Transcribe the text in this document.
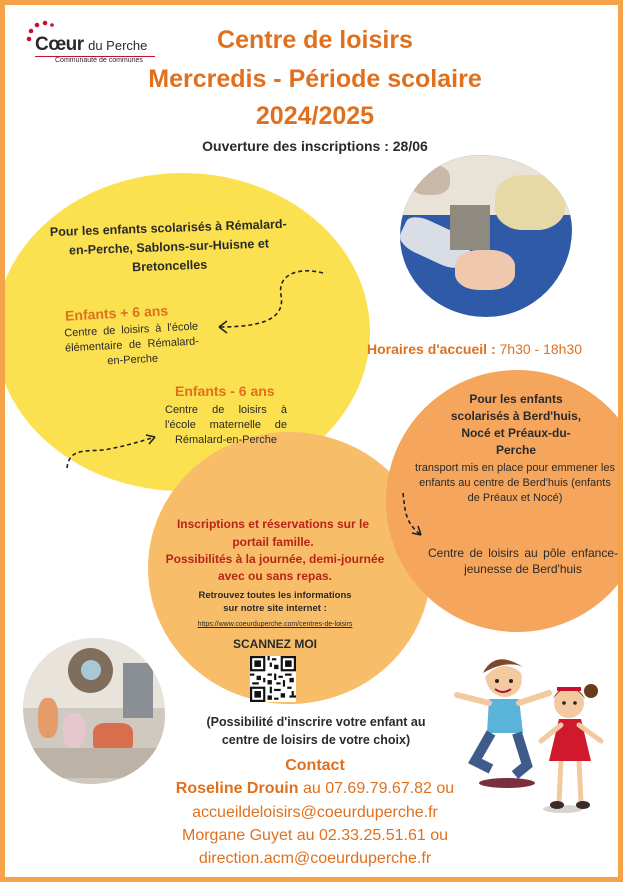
Cœur du Perche
Communauté de communes
Centre de loisirs
Mercredis - Période scolaire
2024/2025
Ouverture des inscriptions : 28/06
Pour les enfants scolarisés à Rémalard-en-Perche, Sablons-sur-Huisne et Bretoncelles
Enfants + 6 ans
Centre de loisirs à l'école élémentaire de Rémalard-en-Perche
Enfants - 6 ans
Centre de loisirs à l'école maternelle de Rémalard-en-Perche
Horaires d'accueil : 7h30 - 18h30
Pour les enfants scolarisés à Berd'huis, Nocé et Préaux-du-Perche
transport mis en place pour emmener les enfants au centre de Berd'huis (enfants de Préaux et Nocé)
Centre de loisirs au pôle enfance-jeunesse de Berd'huis
Inscriptions et réservations sur le portail famille.
Possibilités à la journée, demi-journée avec ou sans repas.
Retrouvez toutes les informations sur notre site internet :
https://www.coeurduperche.com/centres-de-loisirs
SCANNEZ MOI
(Possibilité d'inscrire votre enfant au centre de loisirs de votre choix)
Contact
Roseline Drouin au 07.69.79.67.82 ou
accueildeloisirs@coeurduperche.fr
Morgane Guyet au 02.33.25.51.61 ou
direction.acm@coeurduperche.fr
